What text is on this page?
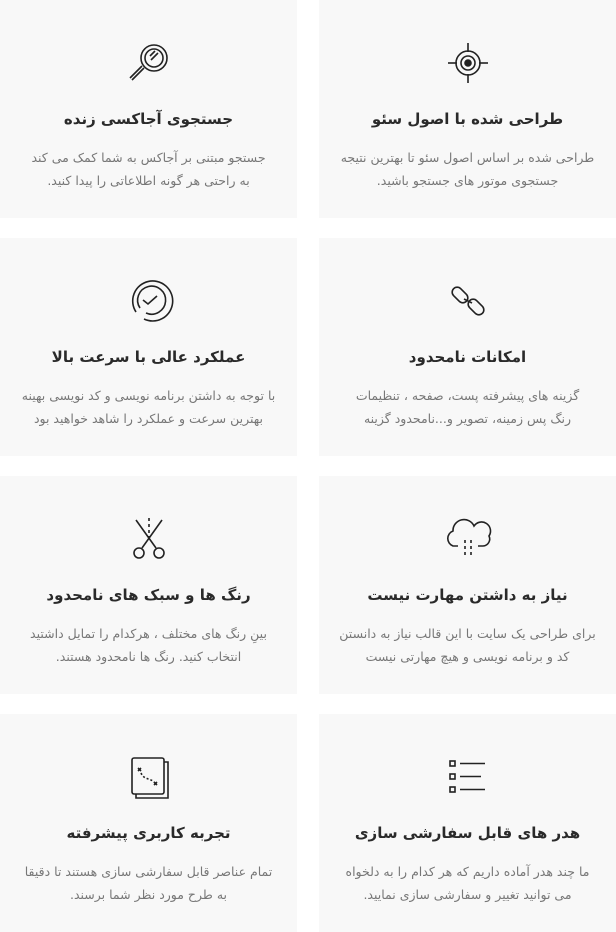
طراحی شده با اصول سئو
طراحی شده بر اساس اصول سئو تا بهترین نتیجه
جستجوی موتور های جستجو باشید.
جستجوی آجاکسی زنده
جستجو مبتنی بر آجاکس به شما کمک می کند
به راحتی هر گونه اطلاعاتی را پیدا کنید.
امکانات نامحدود
گزینه های پیشرفته پست، صفحه ، تنظیمات
رنگ پس زمینه، تصویر و...نامحدود گزینه
عملکرد عالی با سرعت بالا
با توجه به داشتن برنامه نویسی و کد نویسی بهینه
بهترین سرعت و عملکرد را شاهد خواهید بود
نیاز به داشتن مهارت نیست
برای طراحی یک سایت با این قالب نیاز به دانستن
کد و برنامه نویسی و هیچ مهارتی نیست
رنگ ها و سبک های نامحدود
بینِ رنگ های مختلف ، هرکدام را تمایل داشتید
انتخاب کنید. رنگ ها نامحدود هستند.
هدر های قابل سفارشی سازی
ما چند هدر آماده داریم که هر کدام را به دلخواه
می توانید تغییر و سفارشی سازی نمایید.
تجربه کاربری پیشرفته
تمام عناصر قابل سفارشی سازی هستند تا دقیقا
به طرح مورد نظر شما برسند.
